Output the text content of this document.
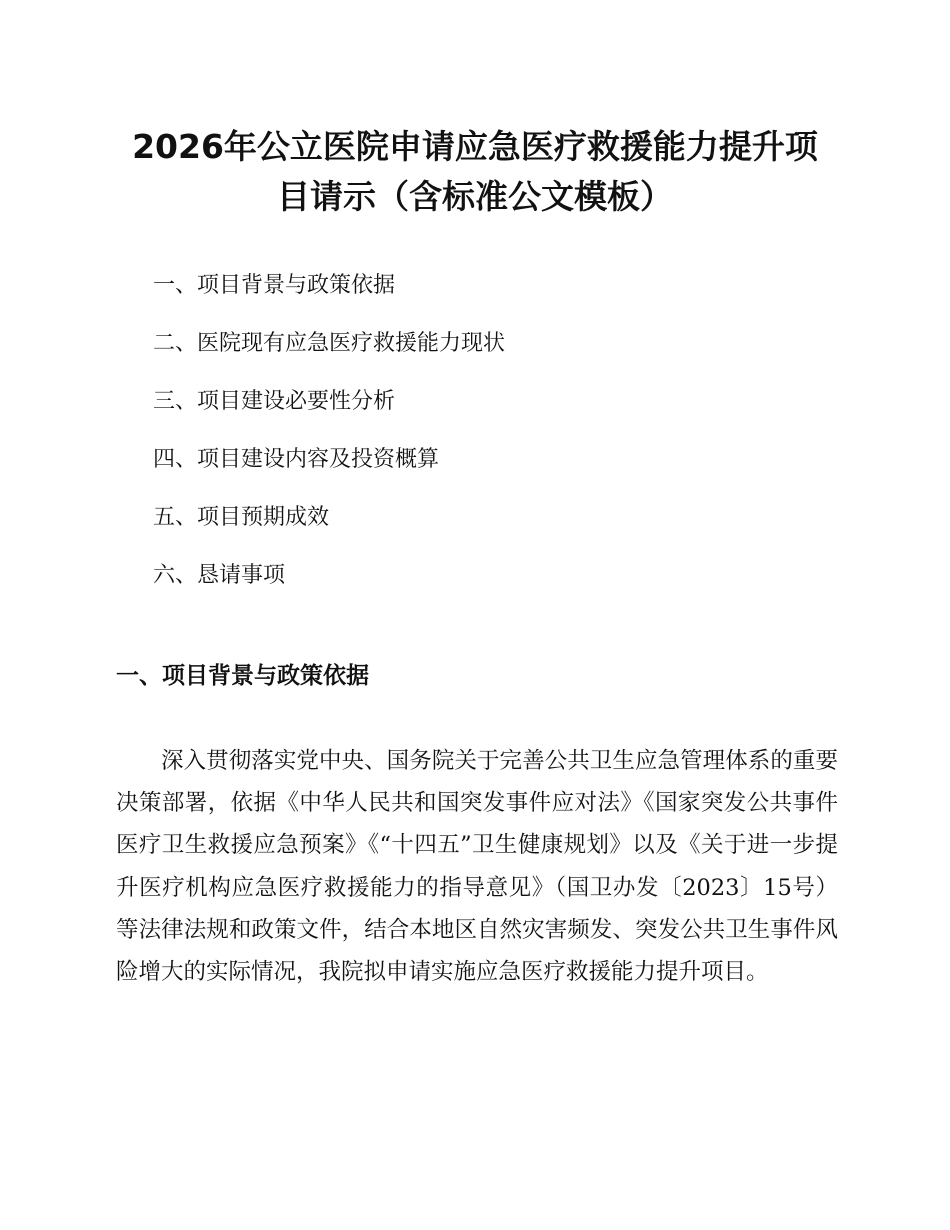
2026年公立医院申请应急医疗救援能力提升项
目请示（含标准公文模板）
一、项目背景与政策依据
二、医院现有应急医疗救援能力现状
三、项目建设必要性分析
四、项目建设内容及投资概算
五、项目预期成效
六、恳请事项
一、项目背景与政策依据

深入贯彻落实党中央、国务院关于完善公共卫生应急管理体系的重要决策部署，依据《中华人民共和国突发事件应对法》《国家突发公共事件医疗卫生救援应急预案》《“十四五”卫生健康规划》以及《关于进一步提升医疗机构应急医疗救援能力的指导意见》（国卫办发〔2023〕15号）等法律法规和政策文件，结合本地区自然灾害频发、突发公共卫生事件风险增大的实际情况，我院拟申请实施应急医疗救援能力提升项目。
